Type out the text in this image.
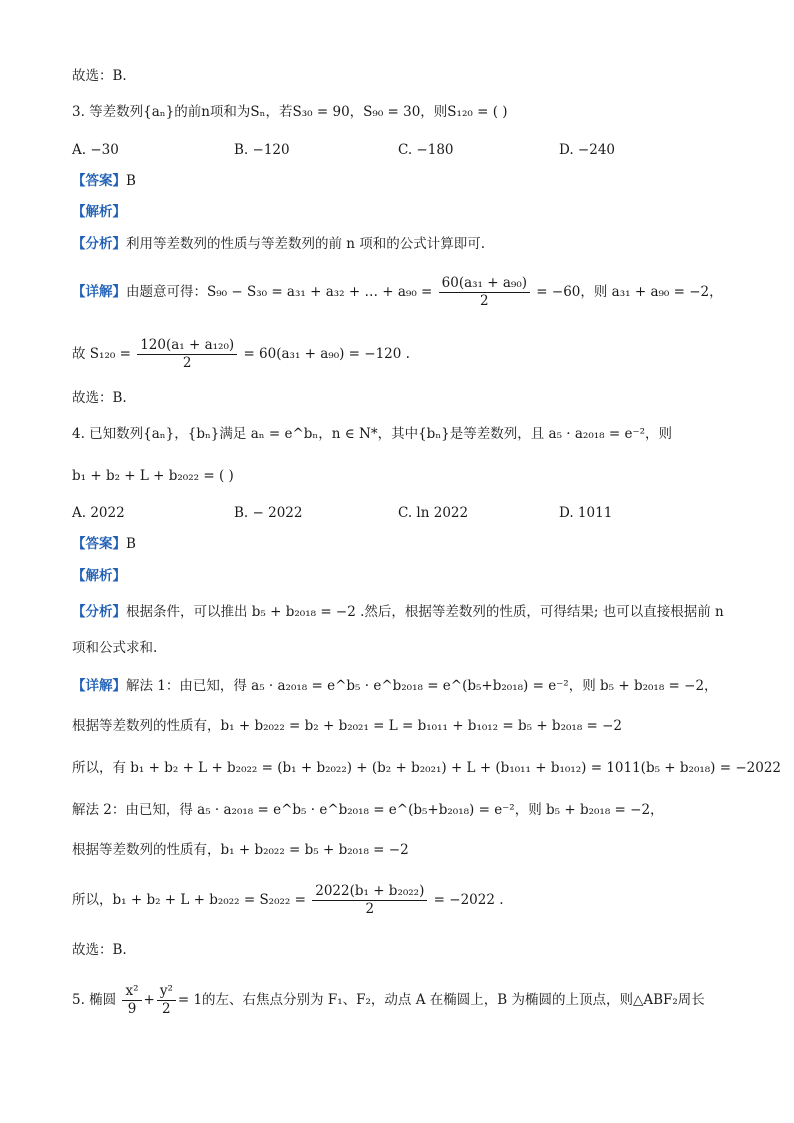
故选：B.
3. 等差数列{aₙ}的前n项和为Sₙ，若S₃₀ = 90，S₉₀ = 30，则S₁₂₀ = ( )
A. −30	B. −120	C. −180	D. −240
【答案】B
【解析】
【分析】利用等差数列的性质与等差数列的前 n 项和的公式计算即可.
【详解】由题意可得：S₉₀ − S₃₀ = a₃₁ + a₃₂ + … + $a_{90} = \frac{\text{60(a₃₁ + a₉₀)}}{2} = -60$，则 a₃₁ + a₉₀ = −2，
故 $S_{120} = \frac{\text{120(a₁ + a₁₂₀)}}{2} = 60(a_{31} + a_{90}) = -120$ .
故选：B.
4. 已知数列{aₙ}，{bₙ}满足 aₙ = e^bₙ，n ∈ N*，其中{bₙ}是等差数列，且 a₅ · a₂₀₁₈ = e⁻²，则
b₁ + b₂ + L + b₂₀₂₂ = ( )
A. 2022	B. − 2022	C. ln 2022	D. 1011
【答案】B
【解析】
【分析】根据条件，可以推出 b₅ + b₂₀₁₈ = −2 .然后，根据等差数列的性质，可得结果; 也可以直接根据前 n
项和公式求和.
【详解】解法 1：由已知，得 a₅ · a₂₀₁₈ = e^b₅ · e^b₂₀₁₈ = e^(b₅+b₂₀₁₈) = e⁻²，则 b₅ + b₂₀₁₈ = −2，
根据等差数列的性质有，b₁ + b₂₀₂₂ = b₂ + b₂₀₂₁ = L = b₁₀₁₁ + b₁₀₁₂ = b₅ + b₂₀₁₈ = −2
所以，有 b₁ + b₂ + L + b₂₀₂₂ = (b₁ + b₂₀₂₂) + (b₂ + b₂₀₂₁) + L + (b₁₀₁₁ + b₁₀₁₂) = 1011(b₅ + b₂₀₁₈) = −2022
解法 2：由已知，得 a₅ · a₂₀₁₈ = e^b₅ · e^b₂₀₁₈ = e^(b₅+b₂₀₁₈) = e⁻²，则 b₅ + b₂₀₁₈ = −2，
根据等差数列的性质有，b₁ + b₂₀₂₂ = b₅ + b₂₀₁₈ = −2
所以，$b_1 + b_2 + L + b_{2022} = S_{2022} = \frac{\text{2022(b₁ + b₂₀₂₂)}}{2} = -2022$ .
故选：B.
5. 椭圆 $\frac{\text{x²}}{9} + \frac{\text{y²}}{2} = 1$的左、右焦点分别为 F₁、F₂，动点 A 在椭圆上，B 为椭圆的上顶点，则△ABF₂周长
